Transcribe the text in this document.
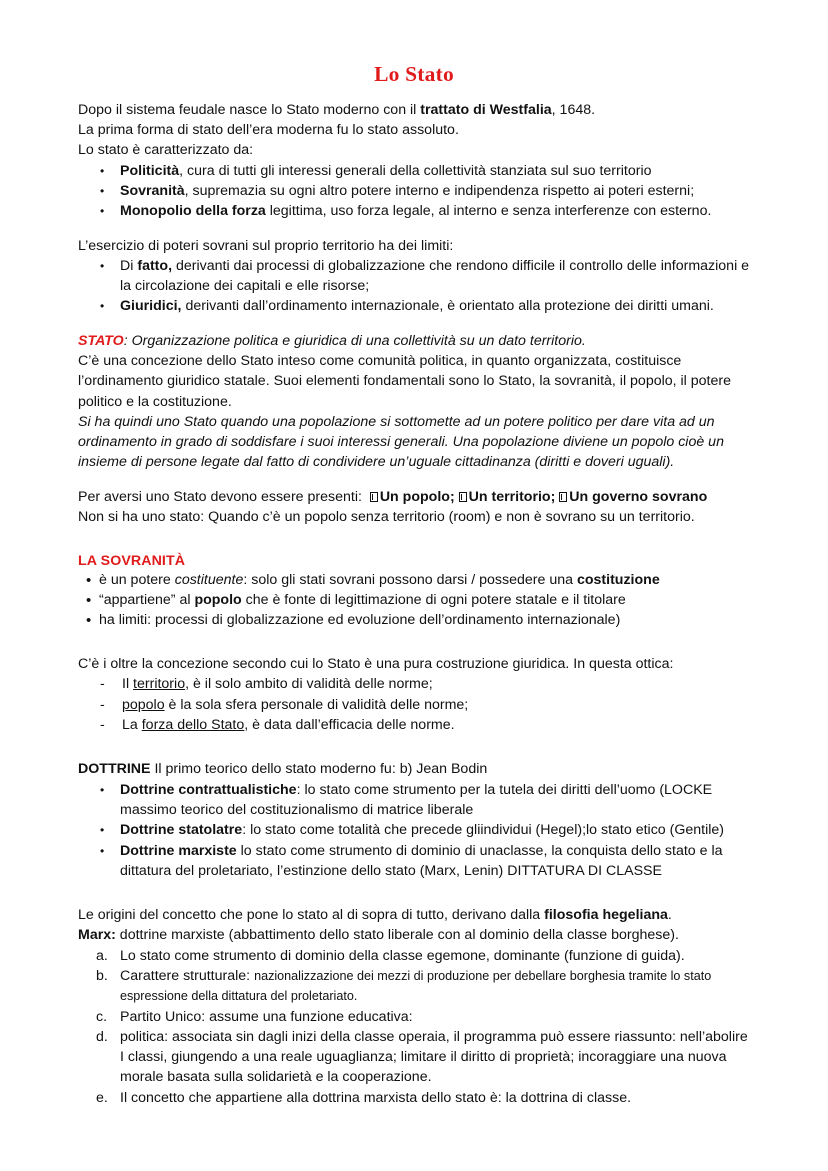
Lo Stato

Dopo il sistema feudale nasce lo Stato moderno con il trattato di Westfalia, 1648.

La prima forma di stato dell’era moderna fu lo stato assoluto.

Lo stato è caratterizzato da:

•	Politicità, cura di tutti gli interessi generali della collettività stanziata sul suo territorio
•	Sovranità, supremazia su ogni altro potere interno e indipendenza rispetto ai poteri esterni;
•	Monopolio della forza legittima, uso forza legale, al interno e senza interferenze con esterno.

L’esercizio di poteri sovrani sul proprio territorio ha dei limiti:

•	Di fatto, derivanti dai processi di globalizzazione che rendono difficile il controllo delle informazioni e la circolazione dei capitali e elle risorse;
•	Giuridici, derivanti dall’ordinamento internazionale, è orientato alla protezione dei diritti umani.

STATO: Organizzazione politica e giuridica di una collettività su un dato territorio.

C’è una concezione dello Stato inteso come comunità politica, in quanto organizzata, costituisce l’ordinamento giuridico statale. Suoi elementi fondamentali sono lo Stato, la sovranità, il popolo, il potere politico e la costituzione.

Si ha quindi uno Stato quando una popolazione si sottomette ad un potere politico per dare vita ad un ordinamento in grado di soddisfare i suoi interessi generali. Una popolazione diviene un popolo cioè un insieme di persone legate dal fatto di condividere un’uguale cittadinanza (diritti e doveri uguali).

Per aversi uno Stato devono essere presenti: Un popolo; Un territorio; Un governo sovrano

Non si ha uno stato: Quando c’è un popolo senza territorio (room) e non è sovrano su un territorio.

LA SOVRANITÀ
• è un potere costituente: solo gli stati sovrani possono darsi / possedere una costituzione
• “appartiene” al popolo che è fonte di legittimazione di ogni potere statale e il titolare
• ha limiti: processi di globalizzazione ed evoluzione dell’ordinamento internazionale)

C’è i oltre la concezione secondo cui lo Stato è una pura costruzione giuridica. In questa ottica:

-	Il territorio, è il solo ambito di validità delle norme;
-	popolo è la sola sfera personale di validità delle norme;
-	La forza dello Stato, è data dall’efficacia delle norme.

DOTTRINE Il primo teorico dello stato moderno fu: b) Jean Bodin

•	Dottrine contrattualistiche: lo stato come strumento per la tutela dei diritti dell’uomo (LOCKE massimo teorico del costituzionalismo di matrice liberale
•	Dottrine statolatre: lo stato come totalità che precede gliindividui (Hegel);lo stato etico (Gentile)
•	Dottrine marxiste lo stato come strumento di dominio di unaclasse, la conquista dello stato e la dittatura del proletariato, l’estinzione dello stato (Marx, Lenin) DITTATURA DI CLASSE

Le origini del concetto che pone lo stato al di sopra di tutto, derivano dalla filosofia hegeliana.

Marx: dottrine marxiste (abbattimento dello stato liberale con al dominio della classe borghese).

a. Lo stato come strumento di dominio della classe egemone, dominante (funzione di guida).
b. Carattere strutturale: nazionalizzazione dei mezzi di produzione per debellare borghesia tramite lo stato espressione della dittatura del proletariato.
c. Partito Unico: assume una funzione educativa:
d. politica: associata sin dagli inizi della classe operaia, il programma può essere riassunto: nell’abolire I classi, giungendo a una reale uguaglianza; limitare il diritto di proprietà; incoraggiare una nuova morale basata sulla solidarietà e la cooperazione.
e. Il concetto che appartiene alla dottrina marxista dello stato è: la dottrina di classe.
